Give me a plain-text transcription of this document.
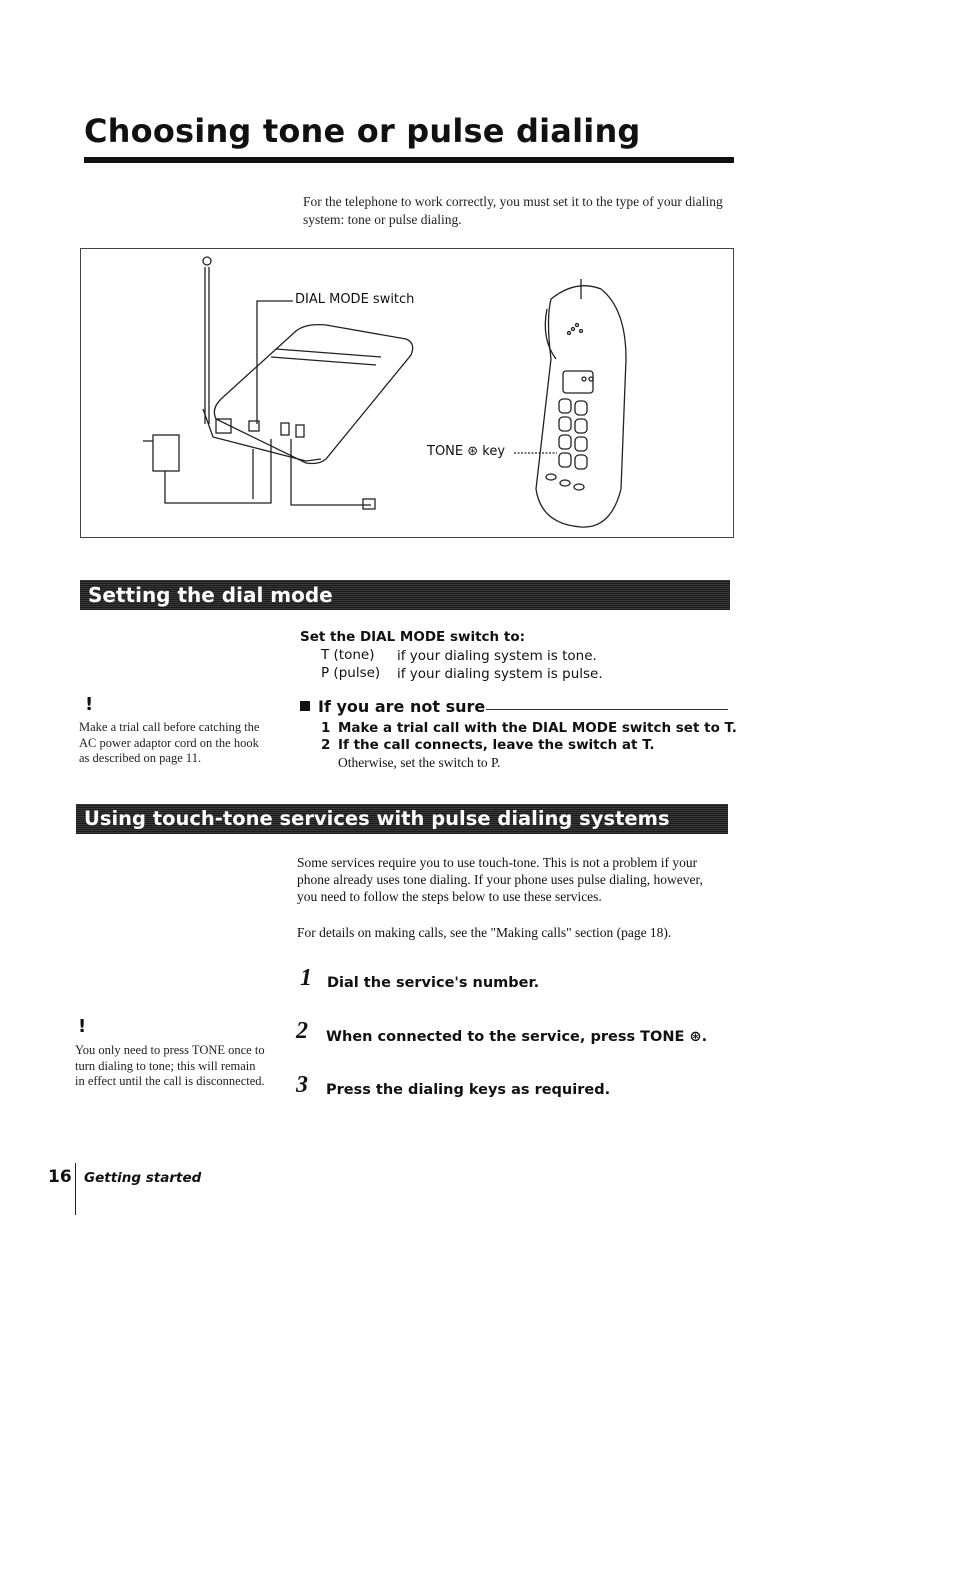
Choosing tone or pulse dialing
For the telephone to work correctly, you must set it to the type of your dialing system: tone or pulse dialing.
DIAL MODE switch
TONE ⊛ key
Setting the dial mode
Set the DIAL MODE switch to:
T (tone) if your dialing system is tone.
P (pulse) if your dialing system is pulse.
If you are not sure
1 Make a trial call with the DIAL MODE switch set to T.
2 If the call connects, leave the switch at T.
Otherwise, set the switch to P.
!
Make a trial call before catching the AC power adaptor cord on the hook as described on page 11.
Using touch-tone services with pulse dialing systems
Some services require you to use touch-tone. This is not a problem if your phone already uses tone dialing. If your phone uses pulse dialing, however, you need to follow the steps below to use these services.
For details on making calls, see the "Making calls" section (page 18).
1 Dial the service's number.
2 When connected to the service, press TONE ⊛.
3 Press the dialing keys as required.
!
You only need to press TONE once to turn dialing to tone; this will remain in effect until the call is disconnected.
16 Getting started
